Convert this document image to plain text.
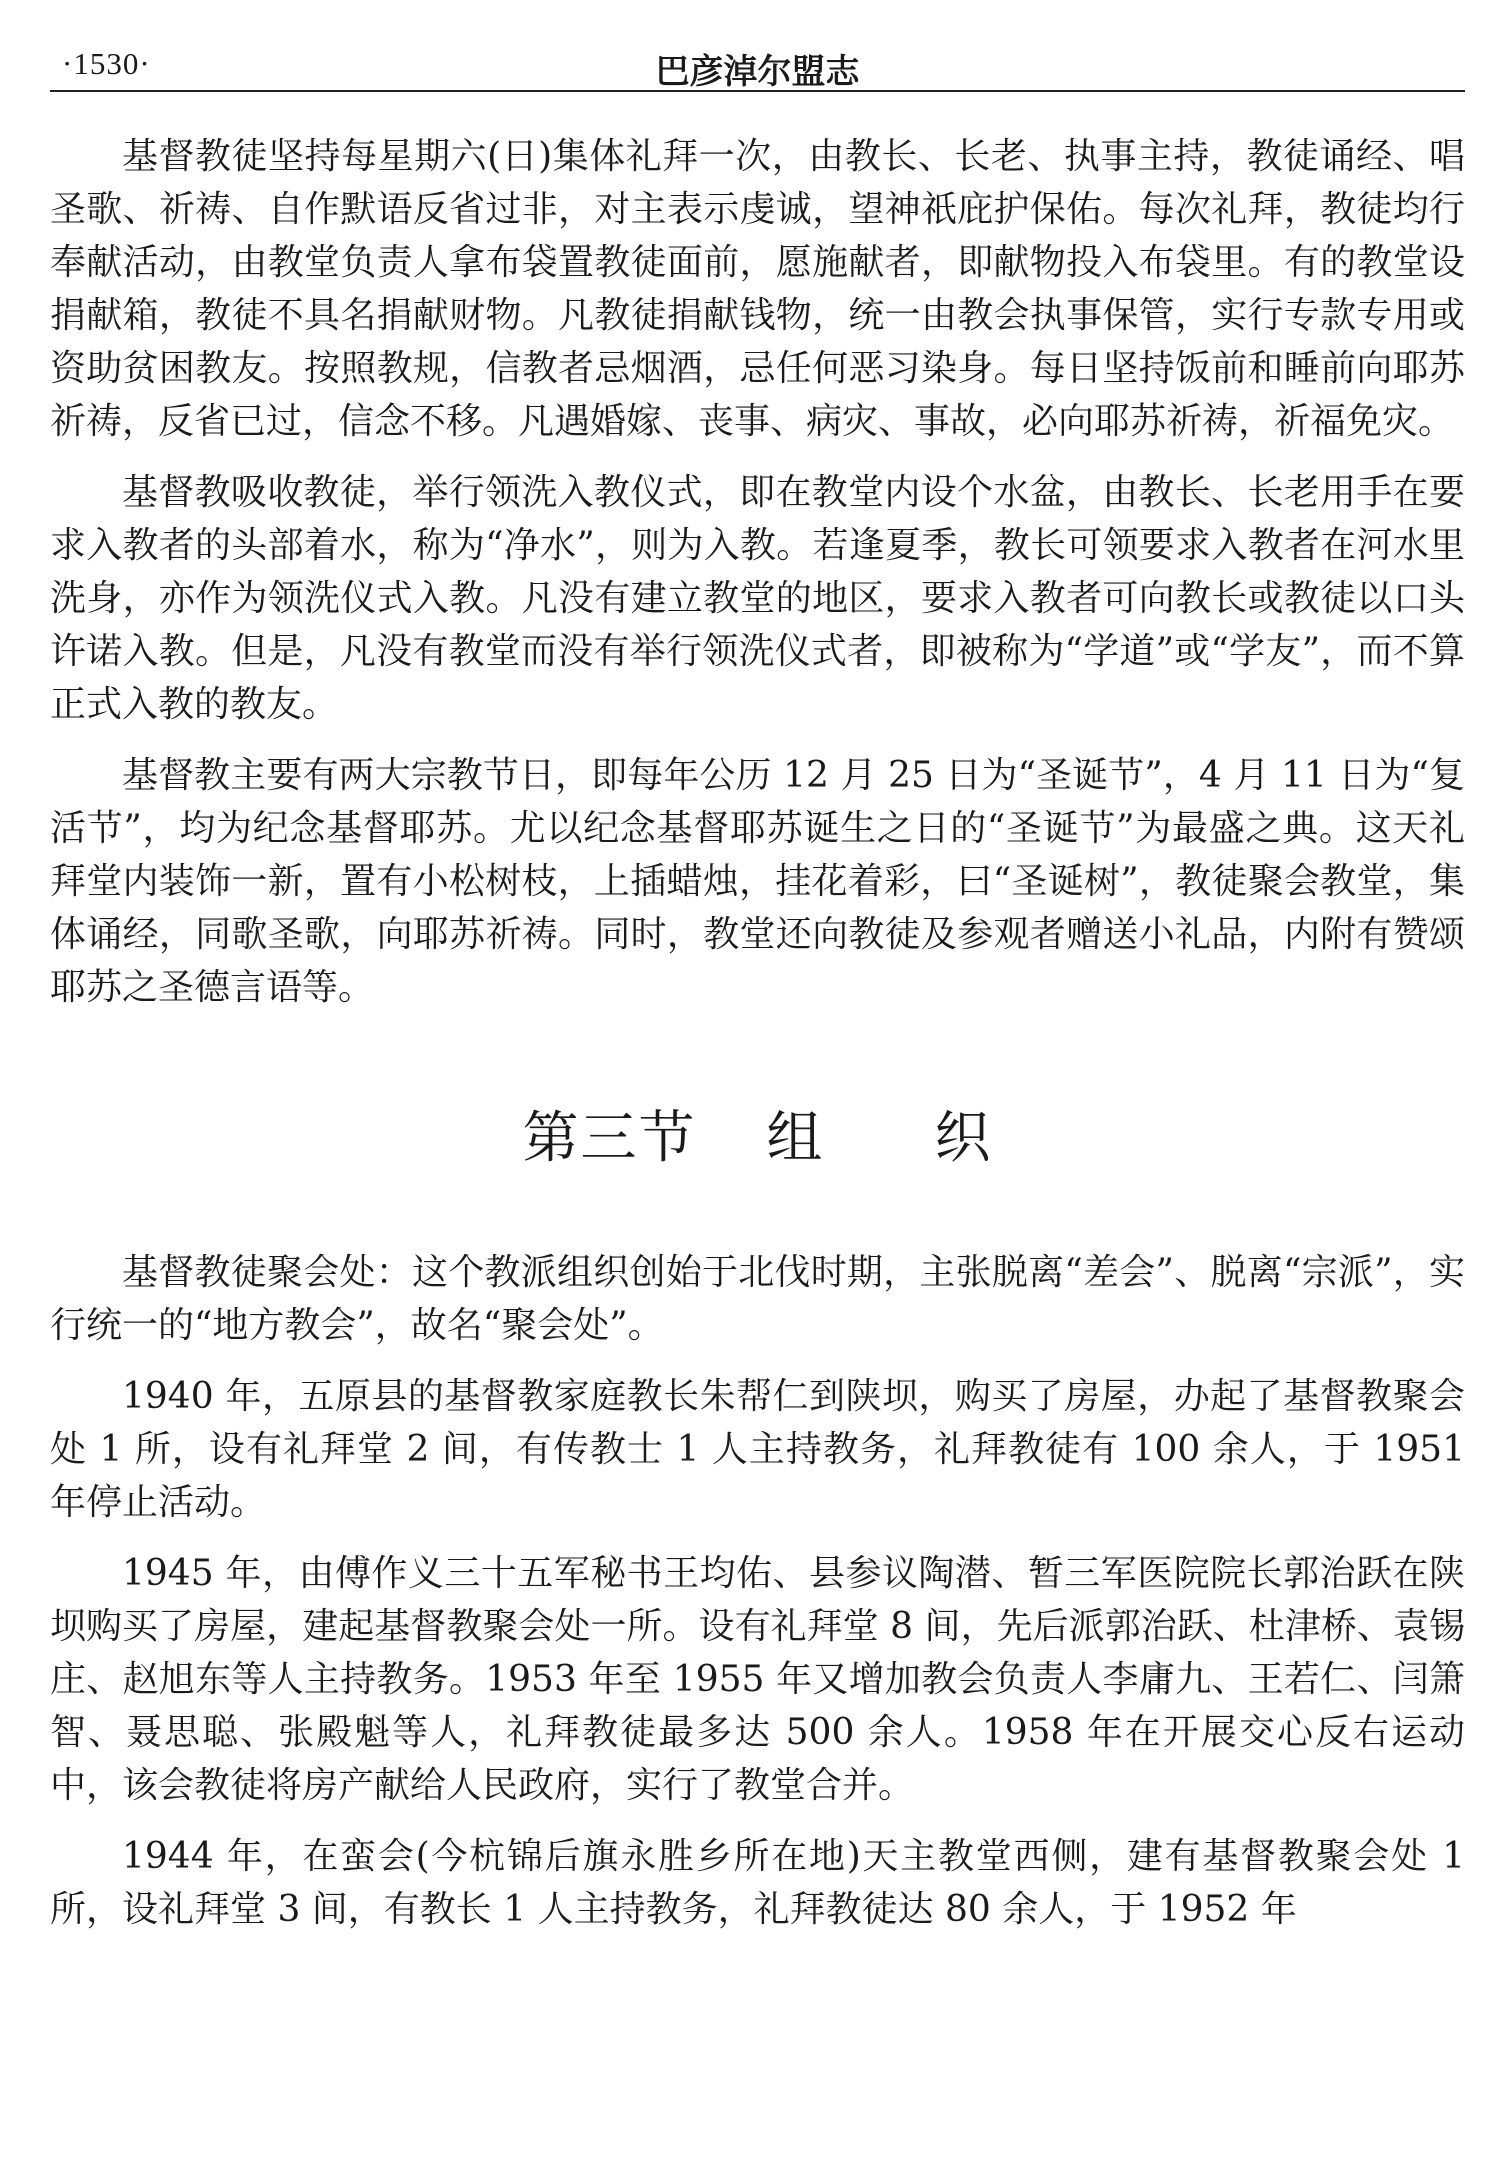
·1530·	巴彦淖尔盟志

基督教徒坚持每星期六(日)集体礼拜一次，由教长、长老、执事主持，教徒诵经、唱圣歌、祈祷、自作默语反省过非，对主表示虔诚，望神祇庇护保佑。每次礼拜，教徒均行奉献活动，由教堂负责人拿布袋置教徒面前，愿施献者，即献物投入布袋里。有的教堂设捐献箱，教徒不具名捐献财物。凡教徒捐献钱物，统一由教会执事保管，实行专款专用或资助贫困教友。按照教规，信教者忌烟酒，忌任何恶习染身。每日坚持饭前和睡前向耶苏祈祷，反省已过，信念不移。凡遇婚嫁、丧事、病灾、事故，必向耶苏祈祷，祈福免灾。

基督教吸收教徒，举行领洗入教仪式，即在教堂内设个水盆，由教长、长老用手在要求入教者的头部着水，称为“净水”，则为入教。若逢夏季，教长可领要求入教者在河水里洗身，亦作为领洗仪式入教。凡没有建立教堂的地区，要求入教者可向教长或教徒以口头许诺入教。但是，凡没有教堂而没有举行领洗仪式者，即被称为“学道”或“学友”，而不算正式入教的教友。

基督教主要有两大宗教节日，即每年公历 12 月 25 日为“圣诞节”，4 月 11 日为“复活节”，均为纪念基督耶苏。尤以纪念基督耶苏诞生之日的“圣诞节”为最盛之典。这天礼拜堂内装饰一新，置有小松树枝，上插蜡烛，挂花着彩，曰“圣诞树”，教徒聚会教堂，集体诵经，同歌圣歌，向耶苏祈祷。同时，教堂还向教徒及参观者赠送小礼品，内附有赞颂耶苏之圣德言语等。

第三节 组 织

基督教徒聚会处：这个教派组织创始于北伐时期，主张脱离“差会”、脱离“宗派”，实行统一的“地方教会”，故名“聚会处”。

1940 年，五原县的基督教家庭教长朱帮仁到陕坝，购买了房屋，办起了基督教聚会处 1 所，设有礼拜堂 2 间，有传教士 1 人主持教务，礼拜教徒有 100 余人，于 1951 年停止活动。

1945 年，由傅作义三十五军秘书王均佑、县参议陶潜、暂三军医院院长郭治跃在陕坝购买了房屋，建起基督教聚会处一所。设有礼拜堂 8 间，先后派郭治跃、杜津桥、袁锡庄、赵旭东等人主持教务。1953 年至 1955 年又增加教会负责人李庸九、王若仁、闫箫智、聂思聪、张殿魁等人，礼拜教徒最多达 500 余人。1958 年在开展交心反右运动中，该会教徒将房产献给人民政府，实行了教堂合并。

1944 年，在蛮会(今杭锦后旗永胜乡所在地)天主教堂西侧，建有基督教聚会处 1 所，设礼拜堂 3 间，有教长 1 人主持教务，礼拜教徒达 80 余人，于 1952 年
